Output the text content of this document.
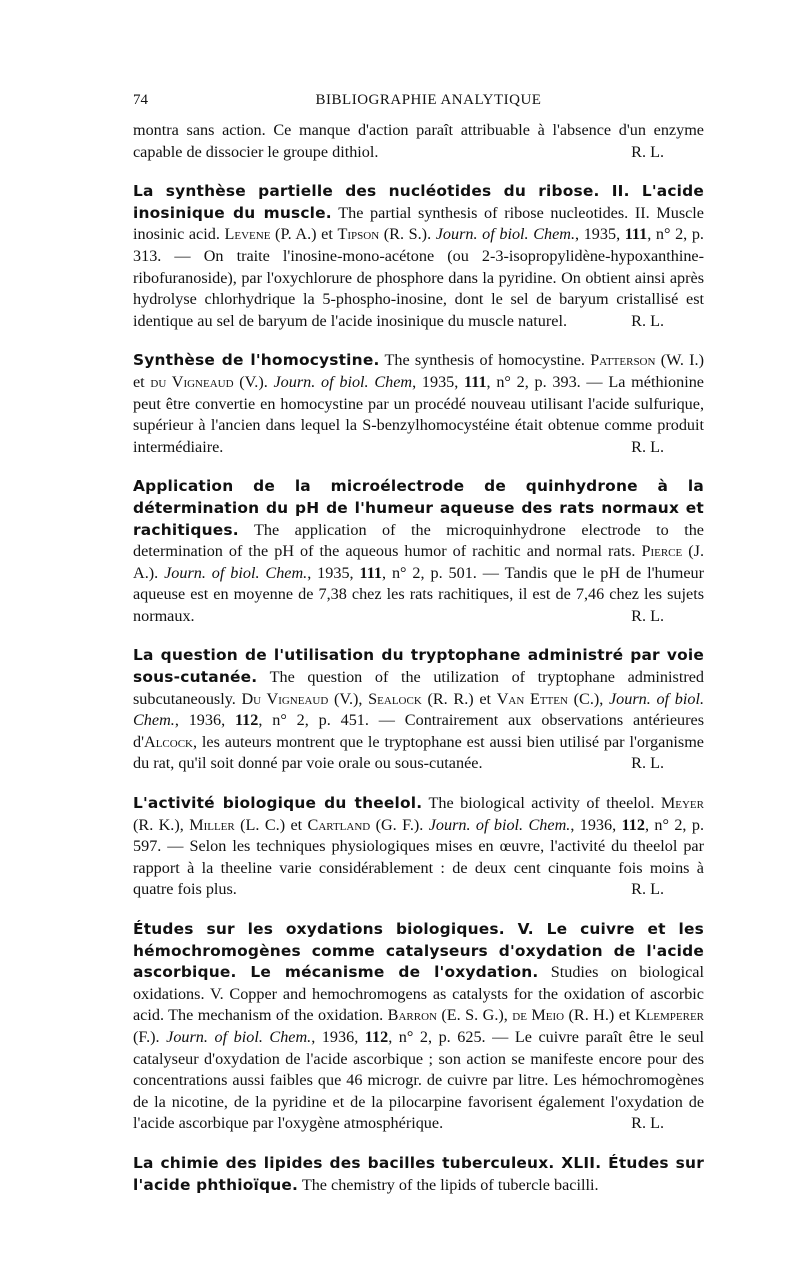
74	BIBLIOGRAPHIE ANALYTIQUE

montra sans action. Ce manque d'action paraît attribuable à l'absence d'un enzyme capable de dissocier le groupe dithiol.	R. L.

La synthèse partielle des nucléotides du ribose. II. L'acide inosinique du muscle. The partial synthesis of ribose nucleotides. II. Muscle inosinic acid. Levene (P. A.) et Tipson (R. S.). Journ. of biol. Chem., 1935, 111, n° 2, p. 313. — On traite l'inosine-mono-acétone (ou 2-3-isopropylidène-hypoxanthine-ribofuranoside), par l'oxychlorure de phosphore dans la pyridine. On obtient ainsi après hydrolyse chlorhydrique la 5-phospho-inosine, dont le sel de baryum cristallisé est identique au sel de baryum de l'acide inosinique du muscle naturel.	R. L.

Synthèse de l'homocystine. The synthesis of homocystine. Patterson (W. I.) et du Vigneaud (V.). Journ. of biol. Chem, 1935, 111, n° 2, p. 393. — La méthionine peut être convertie en homocystine par un procédé nouveau utilisant l'acide sulfurique, supérieur à l'ancien dans lequel la S-benzylhomocystéine était obtenue comme produit intermédiaire.	R. L.

Application de la microélectrode de quinhydrone à la détermination du pH de l'humeur aqueuse des rats normaux et rachitiques. The application of the microquinhydrone electrode to the determination of the pH of the aqueous humor of rachitic and normal rats. Pierce (J. A.). Journ. of biol. Chem., 1935, 111, n° 2, p. 501. — Tandis que le pH de l'humeur aqueuse est en moyenne de 7,38 chez les rats rachitiques, il est de 7,46 chez les sujets normaux.	R. L.

La question de l'utilisation du tryptophane administré par voie sous-cutanée. The question of the utilization of tryptophane administred subcutaneously. Du Vigneaud (V.), Sealock (R. R.) et Van Etten (C.), Journ. of biol. Chem., 1936, 112, n° 2, p. 451. — Contrairement aux observations antérieures d'Alcock, les auteurs montrent que le tryptophane est aussi bien utilisé par l'organisme du rat, qu'il soit donné par voie orale ou sous-cutanée.	R. L.

L'activité biologique du theelol. The biological activity of theelol. Meyer (R. K.), Miller (L. C.) et Cartland (G. F.). Journ. of biol. Chem., 1936, 112, n° 2, p. 597. — Selon les techniques physiologiques mises en œuvre, l'activité du theelol par rapport à la theeline varie considérablement : de deux cent cinquante fois moins à quatre fois plus.	R. L.

Études sur les oxydations biologiques. V. Le cuivre et les hémochromogènes comme catalyseurs d'oxydation de l'acide ascorbique. Le mécanisme de l'oxydation. Studies on biological oxidations. V. Copper and hemochromogens as catalysts for the oxidation of ascorbic acid. The mechanism of the oxidation. Barron (E. S. G.), de Meio (R. H.) et Klemperer (F.). Journ. of biol. Chem., 1936, 112, n° 2, p. 625. — Le cuivre paraît être le seul catalyseur d'oxydation de l'acide ascorbique ; son action se manifeste encore pour des concentrations aussi faibles que 46 microgr. de cuivre par litre. Les hémochromogènes de la nicotine, de la pyridine et de la pilocarpine favorisent également l'oxydation de l'acide ascorbique par l'oxygène atmosphérique.	R. L.

La chimie des lipides des bacilles tuberculeux. XLII. Études sur l'acide phthioïque. The chemistry of the lipids of tubercle bacilli.
